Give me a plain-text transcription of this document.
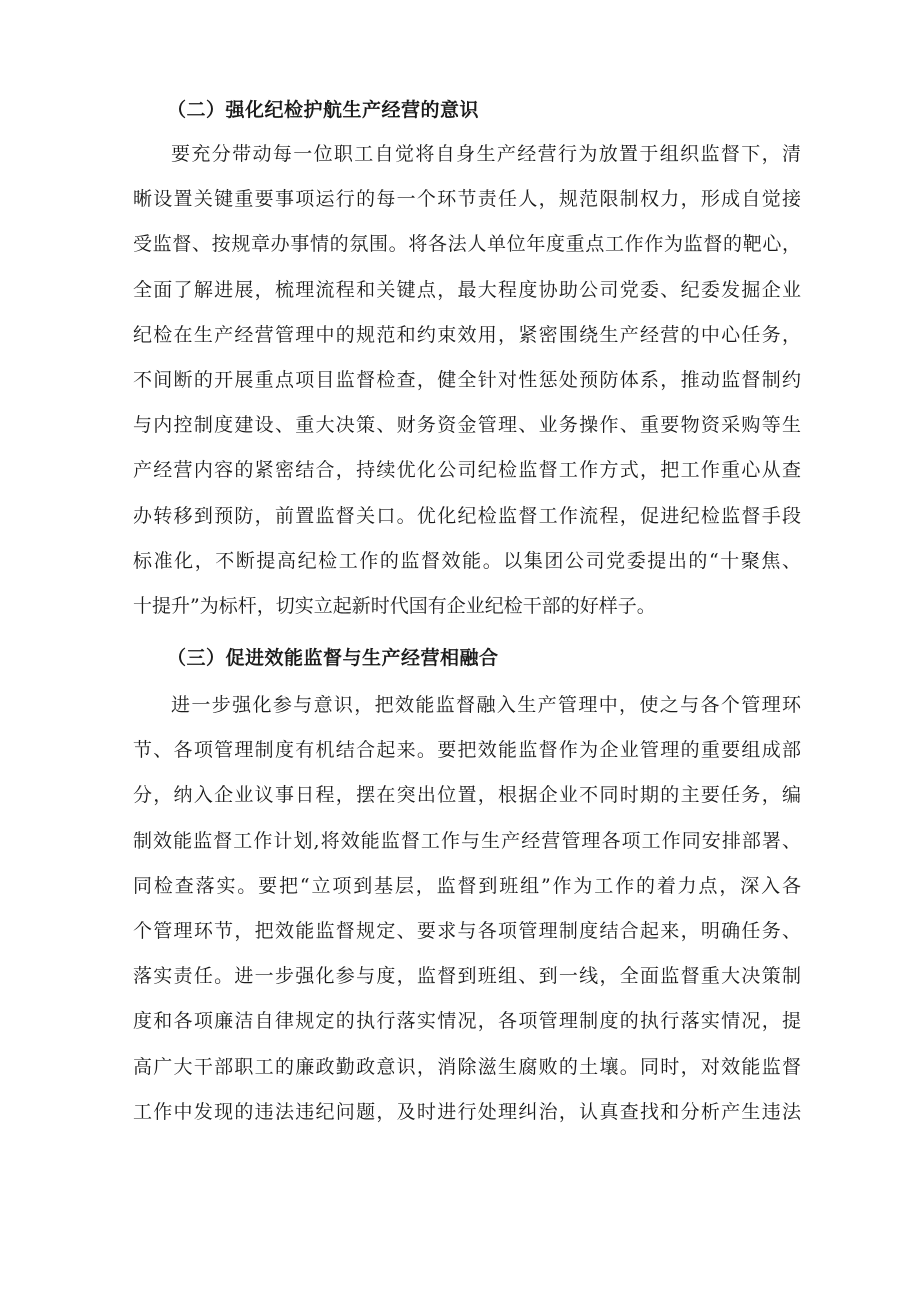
（二）强化纪检护航生产经营的意识
要充分带动每一位职工自觉将自身生产经营行为放置于组织监督下，清
晰设置关键重要事项运行的每一个环节责任人，规范限制权力，形成自觉接
受监督、按规章办事情的氛围。将各法人单位年度重点工作作为监督的靶心，
全面了解进展，梳理流程和关键点，最大程度协助公司党委、纪委发掘企业
纪检在生产经营管理中的规范和约束效用，紧密围绕生产经营的中心任务，
不间断的开展重点项目监督检查，健全针对性惩处预防体系，推动监督制约
与内控制度建设、重大决策、财务资金管理、业务操作、重要物资采购等生
产经营内容的紧密结合，持续优化公司纪检监督工作方式，把工作重心从查
办转移到预防，前置监督关口。优化纪检监督工作流程，促进纪检监督手段
标准化，不断提高纪检工作的监督效能。以集团公司党委提出的“十聚焦、
十提升”为标杆，切实立起新时代国有企业纪检干部的好样子。
（三）促进效能监督与生产经营相融合
进一步强化参与意识，把效能监督融入生产管理中，使之与各个管理环
节、各项管理制度有机结合起来。要把效能监督作为企业管理的重要组成部
分，纳入企业议事日程，摆在突出位置，根据企业不同时期的主要任务，编
制效能监督工作计划,将效能监督工作与生产经营管理各项工作同安排部署、
同检查落实。要把“立项到基层，监督到班组”作为工作的着力点，深入各
个管理环节，把效能监督规定、要求与各项管理制度结合起来，明确任务、
落实责任。进一步强化参与度，监督到班组、到一线，全面监督重大决策制
度和各项廉洁自律规定的执行落实情况，各项管理制度的执行落实情况，提
高广大干部职工的廉政勤政意识，消除滋生腐败的土壤。同时，对效能监督
工作中发现的违法违纪问题，及时进行处理纠治，认真查找和分析产生违法
